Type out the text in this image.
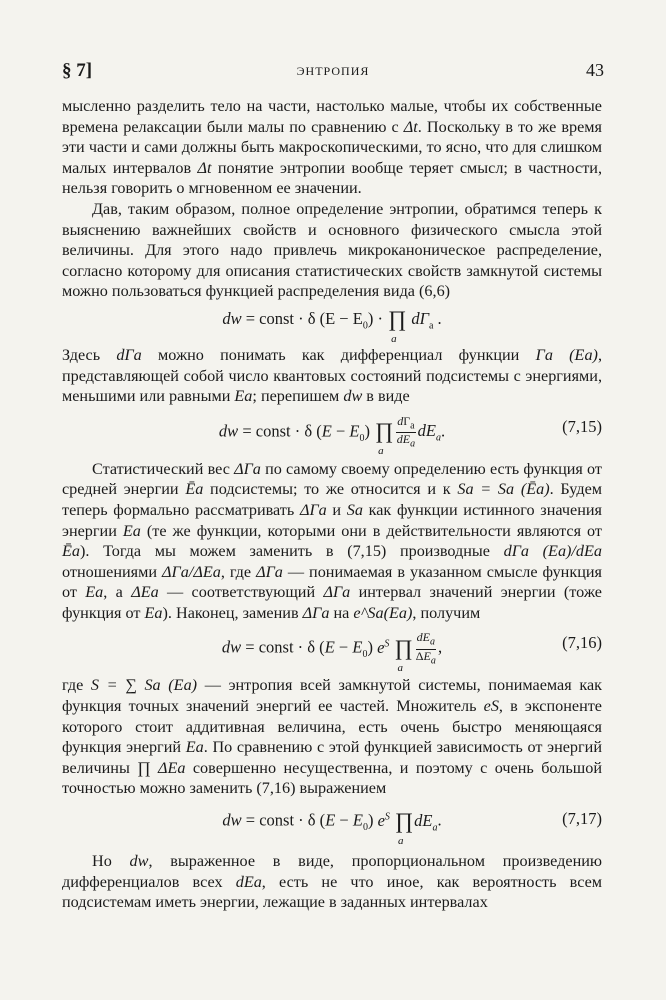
§ 7]	ЭНТРОПИЯ	43

мысленно разделить тело на части, настолько малые, чтобы их собственные времена релаксации были малы по сравнению с Δt. Поскольку в то же время эти части и сами должны быть макроскопическими, то ясно, что для слишком малых интервалов Δt понятие энтропии вообще теряет смысл; в частности, нельзя говорить о мгновенном ее значении.

Дав, таким образом, полное определение энтропии, обратимся теперь к выяснению важнейших свойств и основного физического смысла этой величины. Для этого надо привлечь микроканоническое распределение, согласно которому для описания статистических свойств замкнутой системы можно пользоваться функцией распределения вида (6,6)

dw = const · δ $(E - E_0)$ · ∏
a
$d\Gamma_a$ .

Здесь dΓa можно понимать как дифференциал функции Γa (Ea), представляющей собой число квантовых состояний подсистемы с энергиями, меньшими или равными Ea; перепишем dw в виде

dw = const · δ $(E - E_0)$ ∏
a
$\frac{d\Gamma_a}{dE_a} dE_a$.	(7,15)

Статистический вес ΔΓa по самому своему определению есть функция от средней энергии Ēa подсистемы; то же относится и к Sa = Sa (Ēa). Будем теперь формально рассматривать ΔΓa и Sa как функции истинного значения энергии Ea (те же функции, которыми они в действительности являются от Ēa). Тогда мы можем заменить в (7,15) производные dΓa (Ea)/dEa отношениями ΔΓa/ΔEa, где ΔΓa — понимаемая в указанном смысле функция от Ea, а ΔEa — соответствующий ΔΓa интервал значений энергии (тоже функция от Ea). Наконец, заменив ΔΓa на e^Sa(Ea), получим

dw = const · δ $(E - E_0)$ $e^S$ ∏
a
$\frac{dE_a}{\Delta E_a}$ ,	(7,16)

где S = ∑ Sa (Ea) — энтропия всей замкнутой системы, понимаемая как функция точных значений энергий ее частей. Множитель eS, в экспоненте которого стоит аддитивная величина, есть очень быстро меняющаяся функция энергий Ea. По сравнению с этой функцией зависимость от энергий величины ∏ ΔEa совершенно несущественна, и поэтому с очень большой точностью можно заменить (7,16) выражением

dw = const · δ $(E - E_0)$ $e^S$ ∏
a
$dE_a$.	(7,17)

Но dw, выраженное в виде, пропорциональном произведению дифференциалов всех dEa, есть не что иное, как вероятность всем подсистемам иметь энергии, лежащие в заданных интервалах
